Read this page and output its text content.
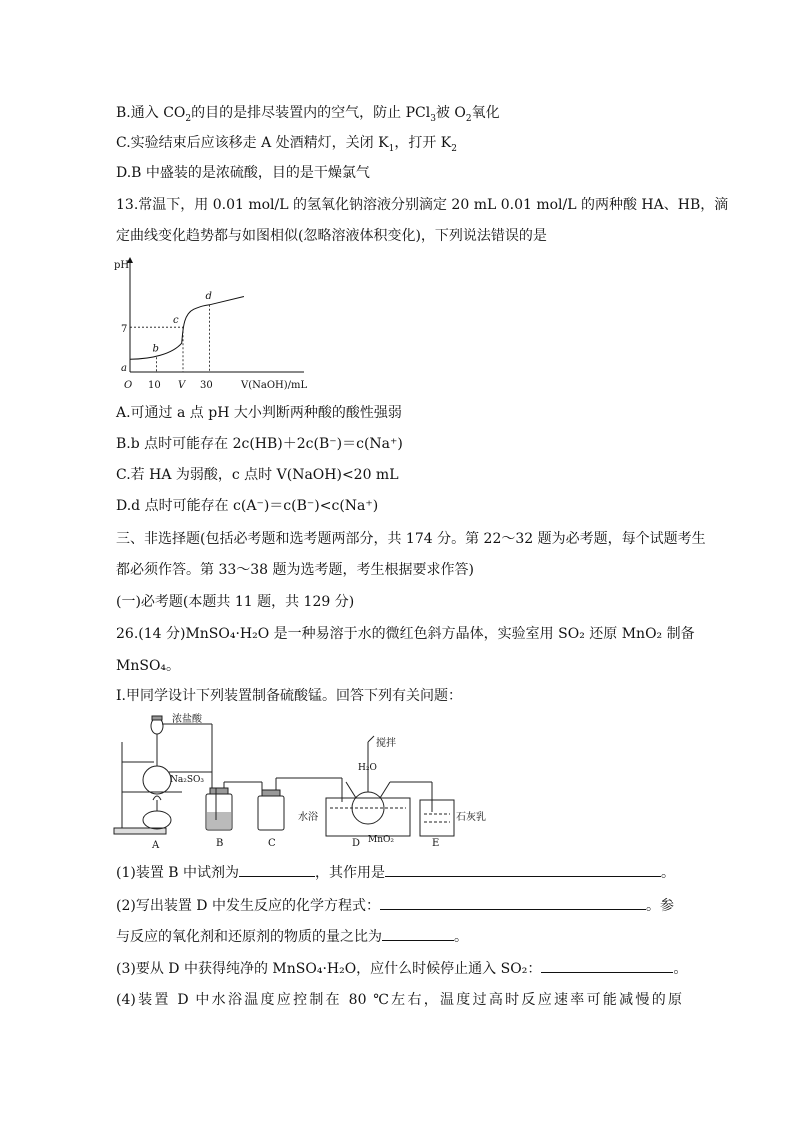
B.通入 $CO_2$的目的是排尽装置内的空气，防止 PCl$_3$被 $O_2$氧化
C.实验结束后应该移走 A 处酒精灯，关闭 $K_1$，打开 $K_2$
D.B 中盛装的是浓硫酸，目的是干燥氯气
13.常温下，用 0.01 mol/L 的氢氧化钠溶液分别滴定 20 mL 0.01 mol/L 的两种酸 HA、HB，滴
定曲线变化趋势都与如图相似(忽略溶液体积变化)，下列说法错误的是
pH
V(NaOH)/mL
O 10 V 30
a
7
b
c
d
A.可通过 a 点 pH 大小判断两种酸的酸性强弱
B.b 点时可能存在 2c(HB)＋2c(B⁻)＝c(Na⁺)
C.若 HA 为弱酸，c 点时 V(NaOH)<20 mL
D.d 点时可能存在 c(A⁻)＝c(B⁻)<c(Na⁺)
三、非选择题(包括必考题和选考题两部分，共 174 分。第 22～32 题为必考题，每个试题考生
都必须作答。第 33～38 题为选考题，考生根据要求作答)
(一)必考题(本题共 11 题，共 129 分)
26.(14 分)MnSO₄·H₂O 是一种易溶于水的微红色斜方晶体，实验室用 SO₂ 还原 MnO₂ 制备
MnSO₄。
I.甲同学设计下列装置制备硫酸锰。回答下列有关问题：
浓盐酸
Na₂SO₃
搅拌
H₂O
水浴
MnO₂
石灰乳
A	B	C	D	E
(1)装置 B 中试剂为	，其作用是	。
(2)写出装置 D 中发生反应的化学方程式：	。参
与反应的氧化剂和还原剂的物质的量之比为	。
(3)要从 D 中获得纯净的 MnSO₄·H₂O，应什么时候停止通入 SO₂：	。
(4)装置 D 中水浴温度应控制在 80 ℃左右，温度过高时反应速率可能减慢的原
